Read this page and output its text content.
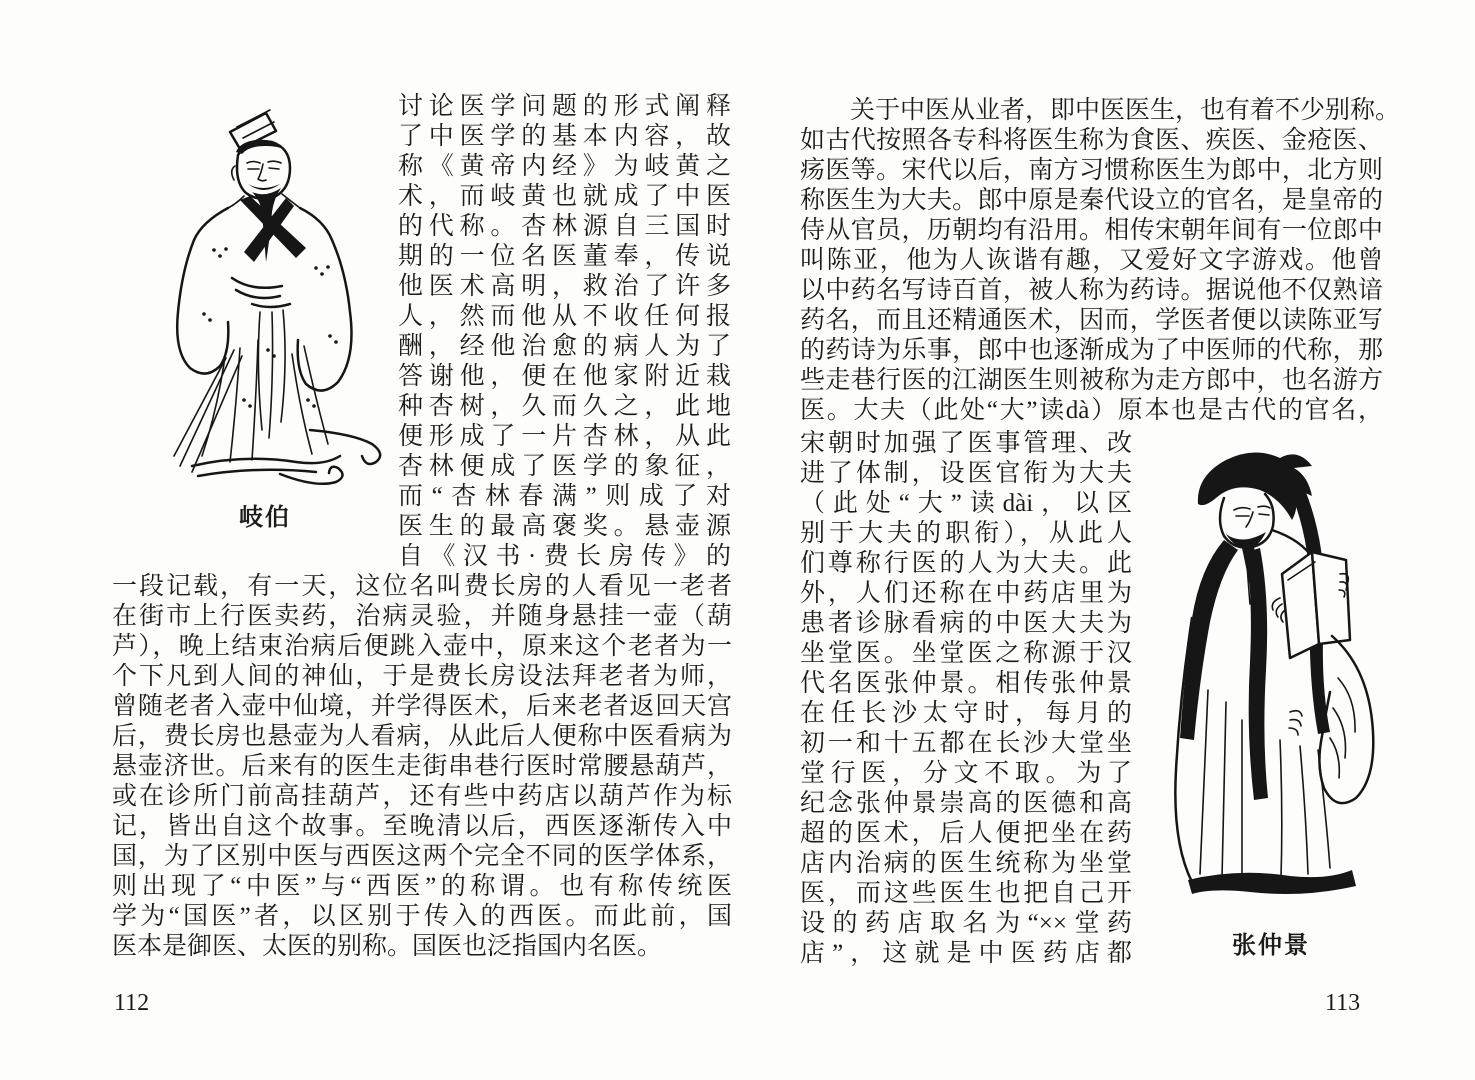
岐伯
讨论医学问题的形式阐释
了中医学的基本内容，故
称《黄帝内经》为岐黄之
术，而岐黄也就成了中医
的代称。杏林源自三国时
期的一位名医董奉，传说
他医术高明，救治了许多
人，然而他从不收任何报
酬，经他治愈的病人为了
答谢他，便在他家附近栽
种杏树，久而久之，此地
便形成了一片杏林，从此
杏林便成了医学的象征，
而“杏林春满”则成了对
医生的最高褒奖。悬壶源
自《汉书·费长房传》的
一段记载，有一天，这位名叫费长房的人看见一老者
在街市上行医卖药，治病灵验，并随身悬挂一壶（葫
芦），晚上结束治病后便跳入壶中，原来这个老者为一
个下凡到人间的神仙，于是费长房设法拜老者为师，
曾随老者入壶中仙境，并学得医术，后来老者返回天宫
后，费长房也悬壶为人看病，从此后人便称中医看病为
悬壶济世。后来有的医生走街串巷行医时常腰悬葫芦，
或在诊所门前高挂葫芦，还有些中药店以葫芦作为标
记，皆出自这个故事。至晚清以后，西医逐渐传入中
国，为了区别中医与西医这两个完全不同的医学体系，
则出现了“中医”与“西医”的称谓。也有称传统医
学为“国医”者，以区别于传入的西医。而此前，国
医本是御医、太医的别称。国医也泛指国内名医。
112
　　关于中医从业者，即中医医生，也有着不少别称。
如古代按照各专科将医生称为食医、疾医、金疮医、
疡医等。宋代以后，南方习惯称医生为郎中，北方则
称医生为大夫。郎中原是秦代设立的官名，是皇帝的
侍从官员，历朝均有沿用。相传宋朝年间有一位郎中
叫陈亚，他为人诙谐有趣，又爱好文字游戏。他曾
以中药名写诗百首，被人称为药诗。据说他不仅熟谙
药名，而且还精通医术，因而，学医者便以读陈亚写
的药诗为乐事，郎中也逐渐成为了中医师的代称，那
些走巷行医的江湖医生则被称为走方郎中，也名游方
医。大夫（此处“大”读dà）原本也是古代的官名，
宋朝时加强了医事管理、改
进了体制，设医官衔为大夫
（此处“大”读dài，以区
别于大夫的职衔），从此人
们尊称行医的人为大夫。此
外，人们还称在中药店里为
患者诊脉看病的中医大夫为
坐堂医。坐堂医之称源于汉
代名医张仲景。相传张仲景
在任长沙太守时，每月的
初一和十五都在长沙大堂坐
堂行医，分文不取。为了
纪念张仲景崇高的医德和高
超的医术，后人便把坐在药
店内治病的医生统称为坐堂
医，而这些医生也把自己开
设的药店取名为“××堂药
店”，这就是中医药店都	张仲景
113
